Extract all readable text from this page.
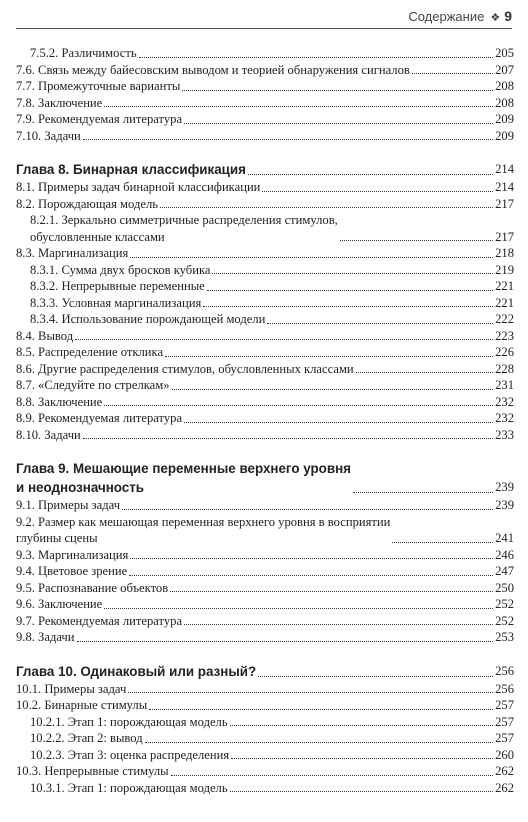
Содержание ❖ 9
7.5.2. Различимость	205
7.6. Связь между байесовским выводом и теорией обнаружения сигналов	207
7.7. Промежуточные варианты	208
7.8. Заключение	208
7.9. Рекомендуемая литература	209
7.10. Задачи	209
Глава 8. Бинарная классификация	214
8.1. Примеры задач бинарной классификации	214
8.2. Порождающая модель	217
8.2.1. Зеркально симметричные распределения стимулов,
обусловленные классами	217
8.3. Маргинализация	218
8.3.1. Сумма двух бросков кубика	219
8.3.2. Непрерывные переменные	221
8.3.3. Условная маргинализация	221
8.3.4. Использование порождающей модели	222
8.4. Вывод	223
8.5. Распределение отклика	226
8.6. Другие распределения стимулов, обусловленных классами	228
8.7. «Следуйте по стрелкам»	231
8.8. Заключение	232
8.9. Рекомендуемая литература	232
8.10. Задачи	233
Глава 9. Мешающие переменные верхнего уровня
и неоднозначность	239
9.1. Примеры задач	239
9.2. Размер как мешающая переменная верхнего уровня в восприятии
глубины сцены	241
9.3. Маргинализация	246
9.4. Цветовое зрение	247
9.5. Распознавание объектов	250
9.6. Заключение	252
9.7. Рекомендуемая литература	252
9.8. Задачи	253
Глава 10. Одинаковый или разный?	256
10.1. Примеры задач	256
10.2. Бинарные стимулы	257
10.2.1. Этап 1: порождающая модель	257
10.2.2. Этап 2: вывод	257
10.2.3. Этап 3: оценка распределения	260
10.3. Непрерывные стимулы	262
10.3.1. Этап 1: порождающая модель	262
